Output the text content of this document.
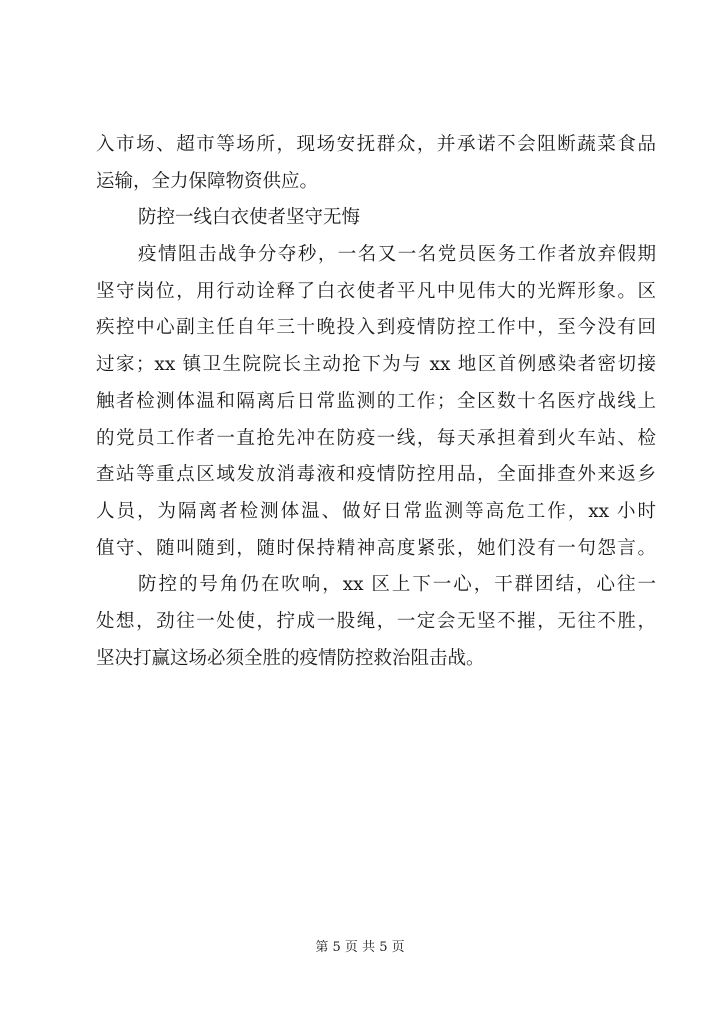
入市场、超市等场所，现场安抚群众，并承诺不会阻断蔬菜食品
运输，全力保障物资供应。
防控一线白衣使者坚守无悔
疫情阻击战争分夺秒，一名又一名党员医务工作者放弃假期
坚守岗位，用行动诠释了白衣使者平凡中见伟大的光辉形象。区
疾控中心副主任自年三十晚投入到疫情防控工作中，至今没有回
过家；xx 镇卫生院院长主动抢下为与 xx 地区首例感染者密切接
触者检测体温和隔离后日常监测的工作；全区数十名医疗战线上
的党员工作者一直抢先冲在防疫一线，每天承担着到火车站、检
查站等重点区域发放消毒液和疫情防控用品，全面排查外来返乡
人员，为隔离者检测体温、做好日常监测等高危工作，xx 小时
值守、随叫随到，随时保持精神高度紧张，她们没有一句怨言。
防控的号角仍在吹响，xx 区上下一心，干群团结，心往一
处想，劲往一处使，拧成一股绳，一定会无坚不摧，无往不胜，
坚决打赢这场必须全胜的疫情防控救治阻击战。
第 5 页 共 5 页
